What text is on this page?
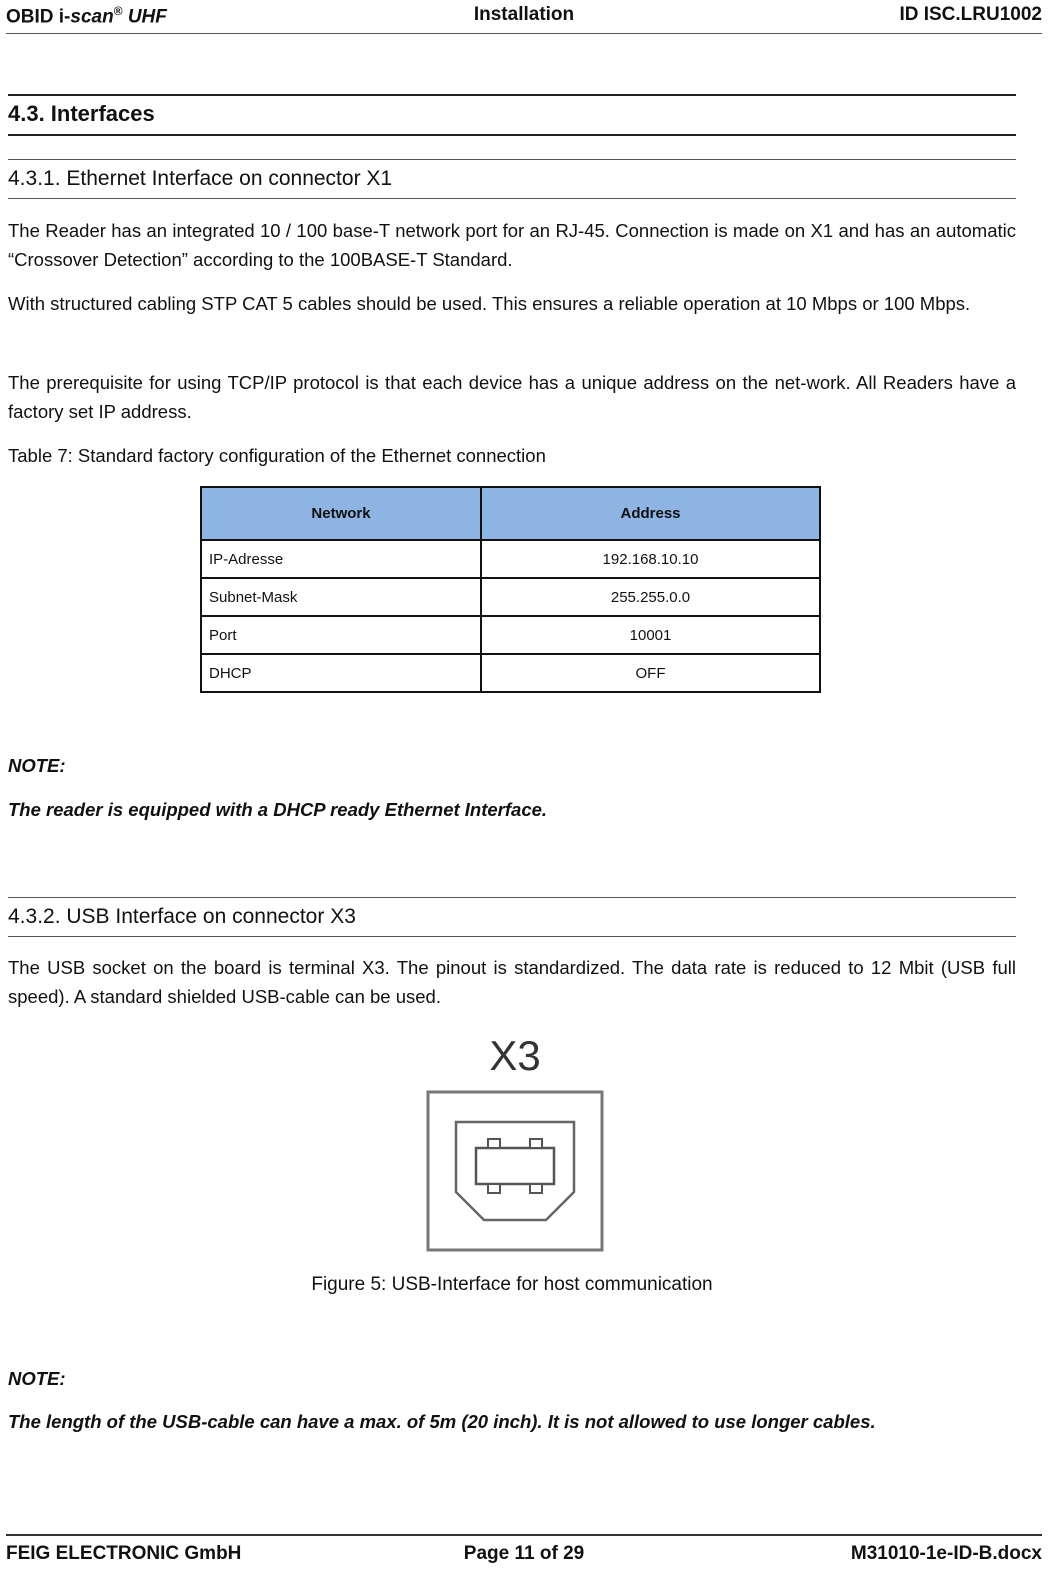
OBID i-scan® UHF	Installation	ID ISC.LRU1002
4.3. Interfaces
4.3.1. Ethernet Interface on connector X1
The Reader has an integrated 10 / 100 base-T network port for an RJ-45. Connection is made on X1 and has an automatic “Crossover Detection” according to the 100BASE-T Standard.
With structured cabling STP CAT 5 cables should be used. This ensures a reliable operation at 10 Mbps or 100 Mbps.
The prerequisite for using TCP/IP protocol is that each device has a unique address on the net-work. All Readers have a factory set IP address.
Table 7: Standard factory configuration of the Ethernet connection
Network	Address
IP-Adresse	192.168.10.10
Subnet-Mask	255.255.0.0
Port	10001
DHCP	OFF
NOTE:
The reader is equipped with a DHCP ready Ethernet Interface.
4.3.2. USB Interface on connector X3
The USB socket on the board is terminal X3. The pinout is standardized. The data rate is reduced to 12 Mbit (USB full speed). A standard shielded USB-cable can be used.
X3
Figure 5: USB-Interface for host communication
NOTE:
The length of the USB-cable can have a max. of 5m (20 inch). It is not allowed to use longer cables.
FEIG ELECTRONIC GmbH	Page 11 of 29	M31010-1e-ID-B.docx
